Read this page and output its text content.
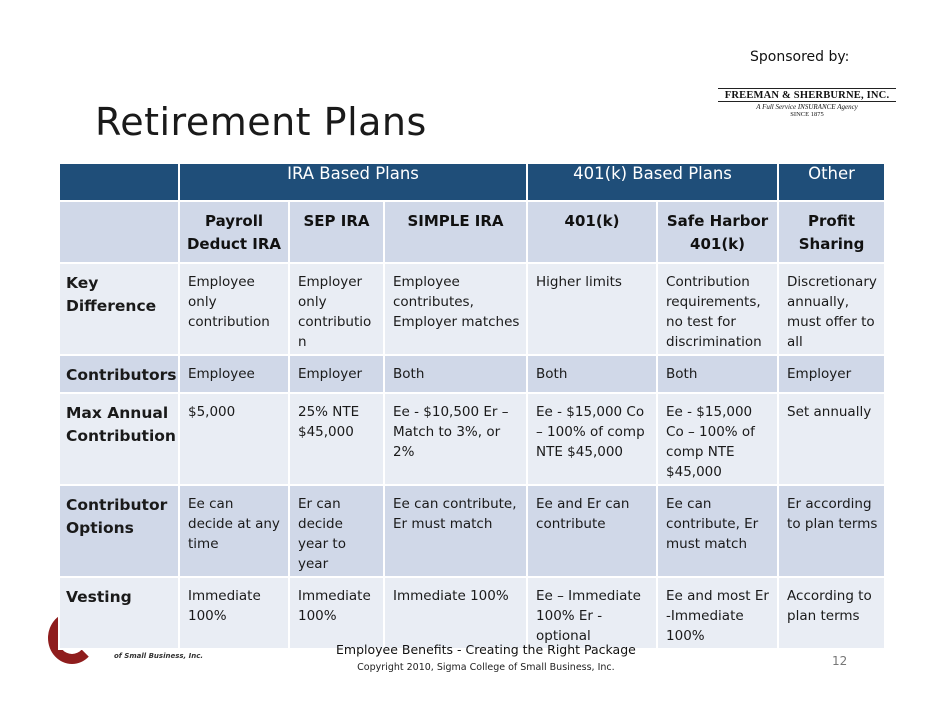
Sponsored by:
FREEMAN & SHERBURNE, INC.
A Full Service INSURANCE Agency
SINCE 1875
Retirement Plans
of Small Business, Inc.
	IRA Based Plans			401(k) Based Plans		Other
	Payroll Deduct IRA	SEP IRA	SIMPLE IRA	401(k)	Safe Harbor 401(k)	Profit Sharing
Key Difference	Employee only contribution	Employer only contributio n	Employee contributes, Employer matches	Higher limits	Contribution requirements, no test for discrimination	Discretionary annually, must offer to all
Contributors	Employee	Employer	Both	Both	Both	Employer
Max Annual Contribution	$5,000	25% NTE $45,000	Ee - $10,500 Er – Match to 3%, or 2%	Ee - $15,000 Co – 100% of comp NTE $45,000	Ee - $15,000 Co – 100% of comp NTE $45,000	Set annually
Contributor Options	Ee can decide at any time	Er can decide year to year	Ee can contribute, Er must match	Ee and Er can contribute	Ee can contribute, Er must match	Er according to plan terms
Vesting	Immediate 100%	Immediate 100%	Immediate 100%	Ee – Immediate 100% Er - optional	Ee and most Er -Immediate 100%	According to plan terms
Employee Benefits - Creating the Right Package
Copyright 2010, Sigma College of Small Business, Inc.	12
